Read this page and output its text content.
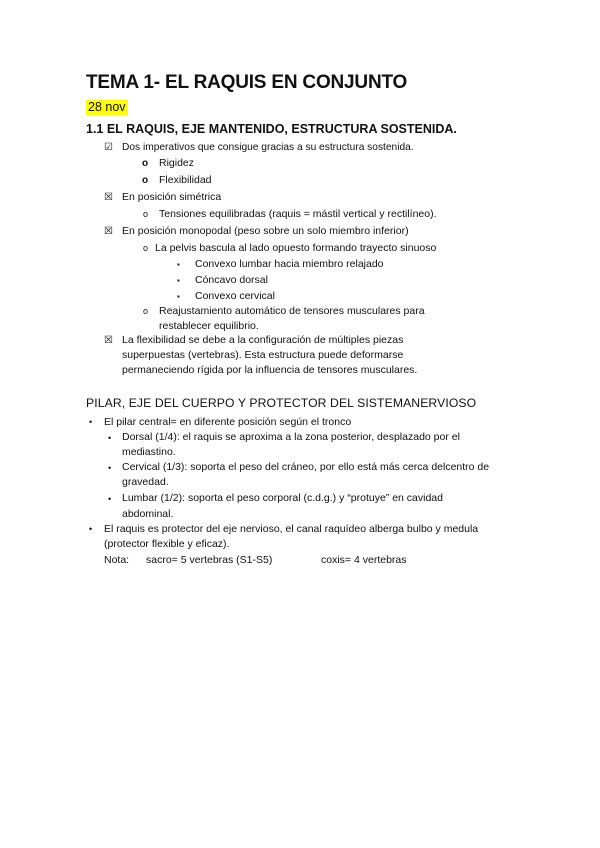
TEMA 1- EL RAQUIS EN CONJUNTO
28 nov
1.1 EL RAQUIS, EJE MANTENIDO, ESTRUCTURA SOSTENIDA.
☑ Dos imperativos que consigue gracias a su estructura sostenida.
o Rigidez
o Flexibilidad
☒ En posición simétrica
o Tensiones equilibradas (raquis = mástil vertical y rectilíneo).
☒ En posición monopodal (peso sobre un solo miembro inferior)
o La pelvis bascula al lado opuesto formando trayecto sinuoso
▪ Convexo lumbar hacia miembro relajado
▪ Cóncavo dorsal
▪ Convexo cervical
o Reajustamiento automático de tensores musculares para
restablecer equilibrio.
☒ La flexibilidad se debe a la configuración de múltiples piezas
superpuestas (vertebras). Esta estructura puede deformarse
permaneciendo rígida por la influencia de tensores musculares.
PILAR, EJE DEL CUERPO Y PROTECTOR DEL SISTEMANERVIOSO
• El pilar central= en diferente posición según el tronco
• Dorsal (1/4): el raquis se aproxima a la zona posterior, desplazado por el
mediastino.
• Cervical (1/3): soporta el peso del cráneo, por ello está más cerca delcentro de
gravedad.
• Lumbar (1/2): soporta el peso corporal (c.d.g.) y “protuye” en cavidad
abdominal.
• El raquis es protector del eje nervioso, el canal raquídeo alberga bulbo y medula
(protector flexible y eficaz).
Nota: sacro= 5 vertebras (S1-S5)	coxis= 4 vertebras
